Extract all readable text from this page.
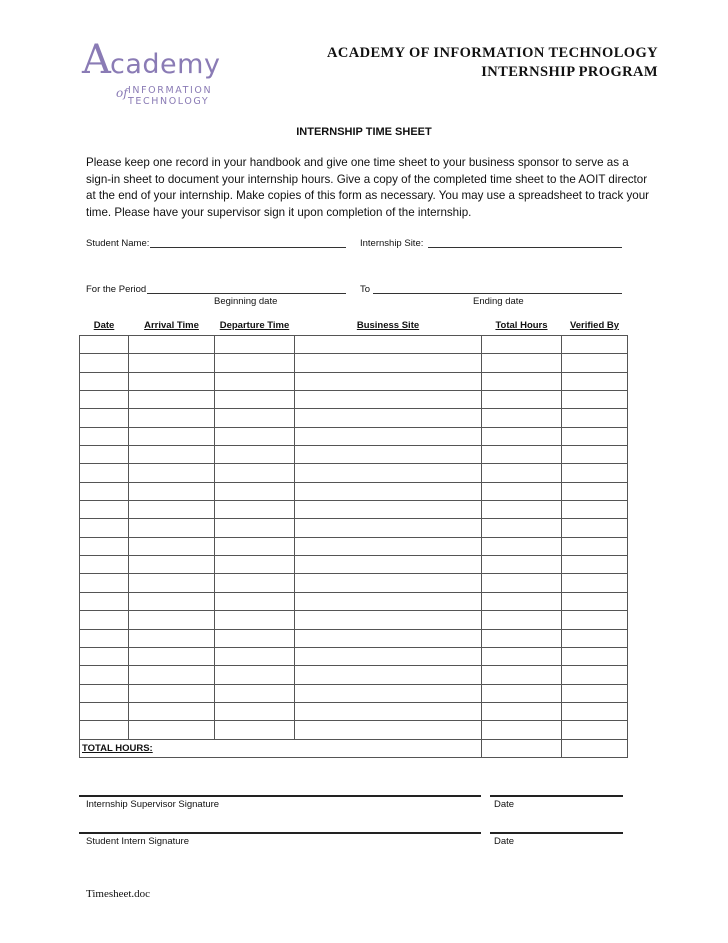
A cademy
of INFORMATION
TECHNOLOGY
ACADEMY OF INFORMATION TECHNOLOGY
INTERNSHIP PROGRAM
INTERNSHIP TIME SHEET
Please keep one record in your handbook and give one time sheet to your business sponsor to serve as a sign-in sheet to document your internship hours. Give a copy of the completed time sheet to the AOIT director at the end of your internship. Make copies of this form as necessary. You may use a spreadsheet to track your time. Please have your supervisor sign it upon completion of the internship.
Student Name:	Internship Site:
For the Period	To
Beginning date	Ending date
Date	Arrival Time	Departure Time	Business Site	Total Hours	Verified By

TOTAL HOURS:					
Internship Supervisor Signature	Date
Student Intern Signature	Date
Timesheet.doc
